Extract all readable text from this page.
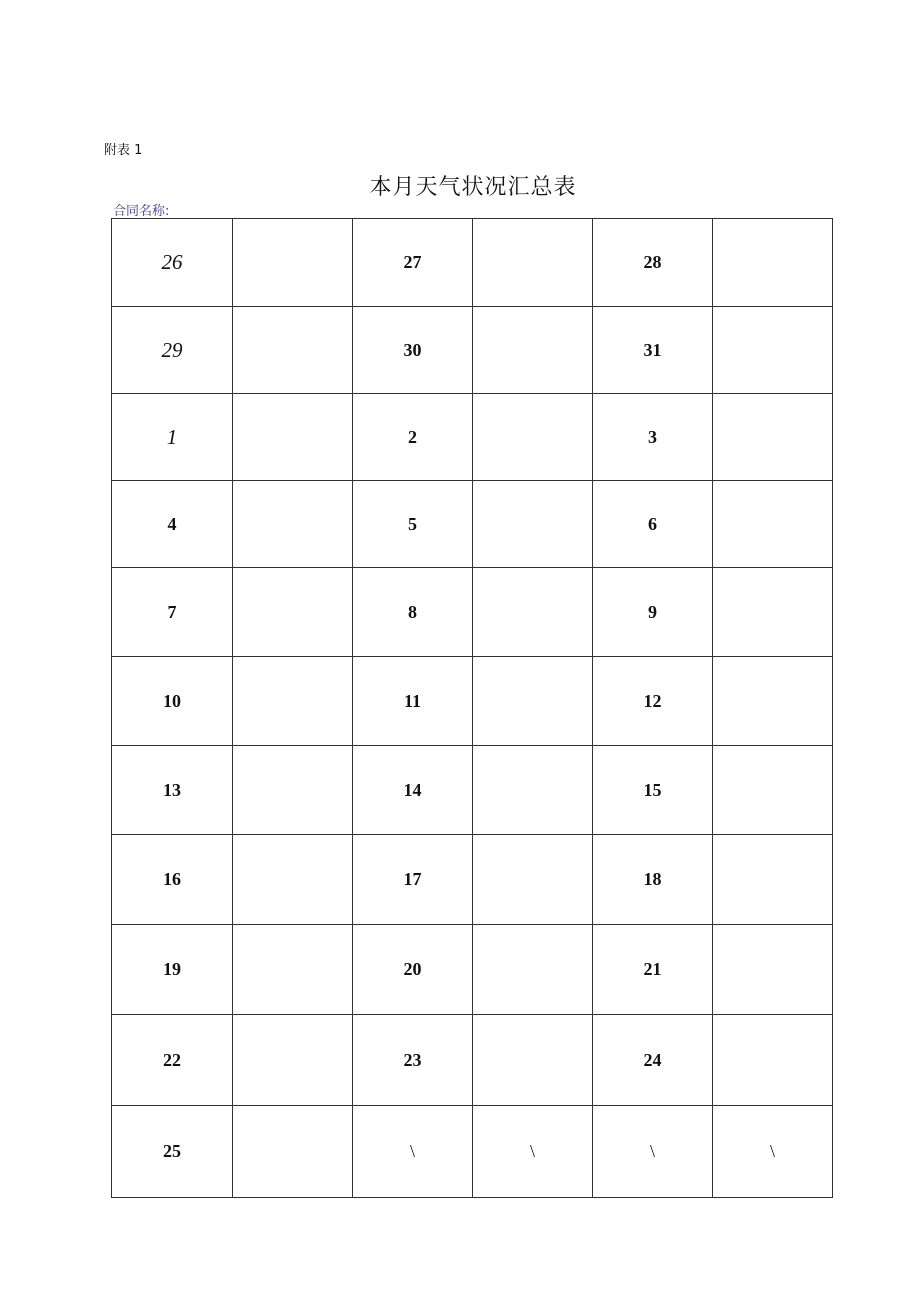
附表 1
本月天气状况汇总表
合同名称:
26		27		28	
29		30		31	
1		2		3	
4		5		6	
7		8		9	
10		11		12	
13		14		15	
16		17		18	
19		20		21	
22		23		24	
25		\	\	\	\
